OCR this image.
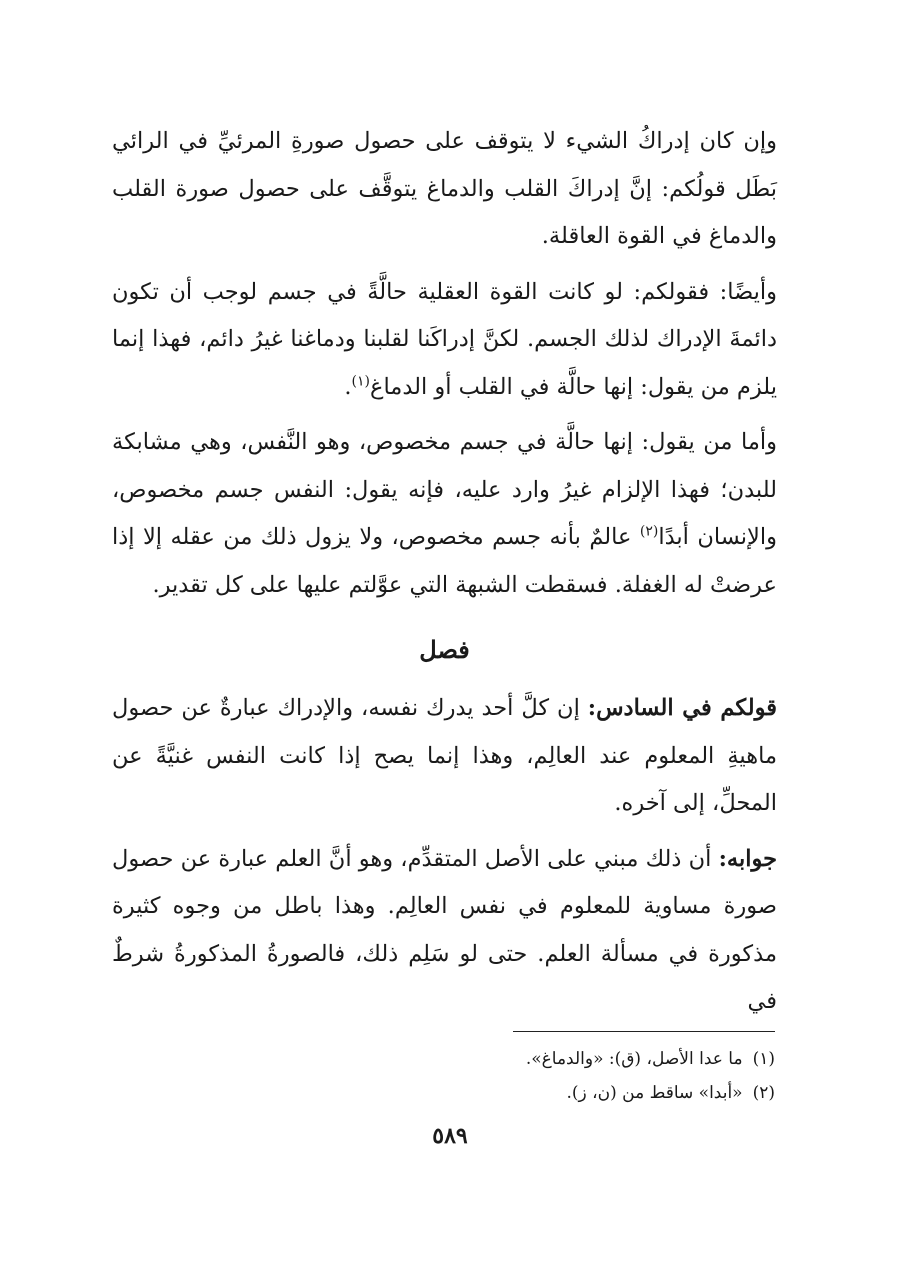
وإن كان إدراكُ الشيء لا يتوقف على حصول صورةِ المرئيِّ في الرائي بَطَل قولُكم: إنَّ إدراكَ القلب والدماغ يتوقَّف على حصول صورة القلب والدماغ في القوة العاقلة.

وأيضًا: فقولكم: لو كانت القوة العقلية حالَّةً في جسم لوجب أن تكون دائمةَ الإدراك لذلك الجسم. لكنَّ إدراكَنا لقلبنا ودماغنا غيرُ دائم، فهذا إنما يلزم من يقول: إنها حالَّة في القلب أو الدماغ$^{(١)}$.

وأما من يقول: إنها حالَّة في جسم مخصوص، وهو النَّفس، وهي مشابكة للبدن؛ فهذا الإلزام غيرُ وارد عليه، فإنه يقول: النفس جسم مخصوص، والإنسان أبدًا$^{(٢)}$ عالمٌ بأنه جسم مخصوص، ولا يزول ذلك من عقله إلا إذا عرضتْ له الغفلة. فسقطت الشبهة التي عوَّلتم عليها على كل تقدير.

فصل

قولكم في السادس: إن كلَّ أحد يدرك نفسه، والإدراك عبارةٌ عن حصول ماهيةِ المعلوم عند العالِم، وهذا إنما يصح إذا كانت النفس غنيَّةً عن المحلِّ، إلى آخره.

جوابه: أن ذلك مبني على الأصل المتقدِّم، وهو أنَّ العلم عبارة عن حصول صورة مساوية للمعلوم في نفس العالِم. وهذا باطل من وجوه كثيرة مذكورة في مسألة العلم. حتى لو سَلِم ذلك، فالصورةُ المذكورةُ شرطٌ في

(١)ما عدا الأصل، (ق): «والدماغ».

(٢)«أبدا» ساقط من (ن، ز).

٥٨٩
